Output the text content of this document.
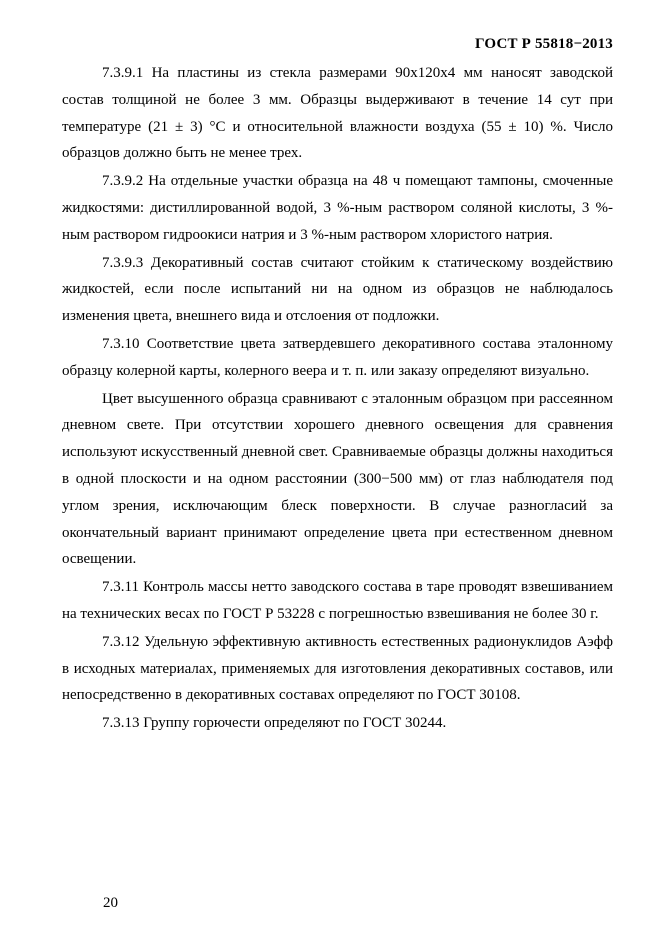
ГОСТ Р 55818−2013

7.3.9.1 На пластины из стекла размерами 90х120х4 мм наносят заводской состав толщиной не более 3 мм. Образцы выдерживают в течение 14 сут при температуре (21 ± 3) °С и относительной влажности воздуха (55 ± 10) %. Число образцов должно быть не менее трех.

7.3.9.2 На отдельные участки образца на 48 ч помещают тампоны, смоченные жидкостями: дистиллированной водой, 3 %-ным раствором соляной кислоты, 3 %-ным раствором гидроокиси натрия и 3 %-ным раствором хлористого натрия.

7.3.9.3 Декоративный состав считают стойким к статическому воздействию жидкостей, если после испытаний ни на одном из образцов не наблюдалось изменения цвета, внешнего вида и отслоения от подложки.

7.3.10 Соответствие цвета затвердевшего декоративного состава эталонному образцу колерной карты, колерного веера и т. п. или заказу определяют визуально.

Цвет высушенного образца сравнивают с эталонным образцом при рассеянном дневном свете. При отсутствии хорошего дневного освещения для сравнения используют искусственный дневной свет. Сравниваемые образцы должны находиться в одной плоскости и на одном расстоянии (300−500 мм) от глаз наблюдателя под углом зрения, исключающим блеск поверхности. В случае разногласий за окончательный вариант принимают определение цвета при естественном дневном освещении.

7.3.11 Контроль массы нетто заводского состава в таре проводят взвешиванием на технических весах по ГОСТ Р 53228 с погрешностью взвешивания не более 30 г.

7.3.12 Удельную эффективную активность естественных радионуклидов Аэфф в исходных материалах, применяемых для изготовления декоративных составов, или непосредственно в декоративных составах определяют по ГОСТ 30108.

7.3.13 Группу горючести определяют по ГОСТ 30244.

20
